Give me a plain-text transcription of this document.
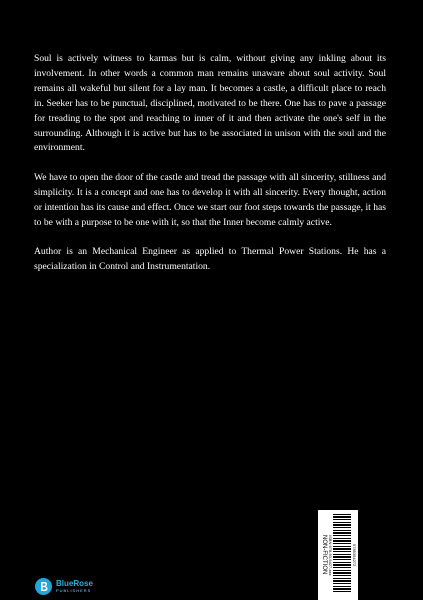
Soul is actively witness to karmas but is calm, without giving any inkling about its involvement. In other words a common man remains unaware about soul activity. Soul remains all wakeful but silent for a lay man. It becomes a castle, a difficult place to reach in. Seeker has to be punctual, disciplined, motivated to be there. One has to pave a passage for treading to the spot and reaching to inner of it and then activate the one's self in the surrounding. Although it is active but has to be associated in unison with the soul and the environment.

We have to open the door of the castle and tread the passage with all sincerity, stillness and simplicity. It is a concept and one has to develop it with all sincerity. Every thought, action or intention has its cause and effect. Once we start our foot steps towards the passage, it has to be with a purpose to be one with it, so that the Inner become calmly active.

Author is an Mechanical Engineer as applied to Thermal Power Stations. He has a specialization in Control and Instrumentation.

BlueRose
PUBLISHERS
NON-FICTION ISBN 978-93-5427-xxx	9789354272
